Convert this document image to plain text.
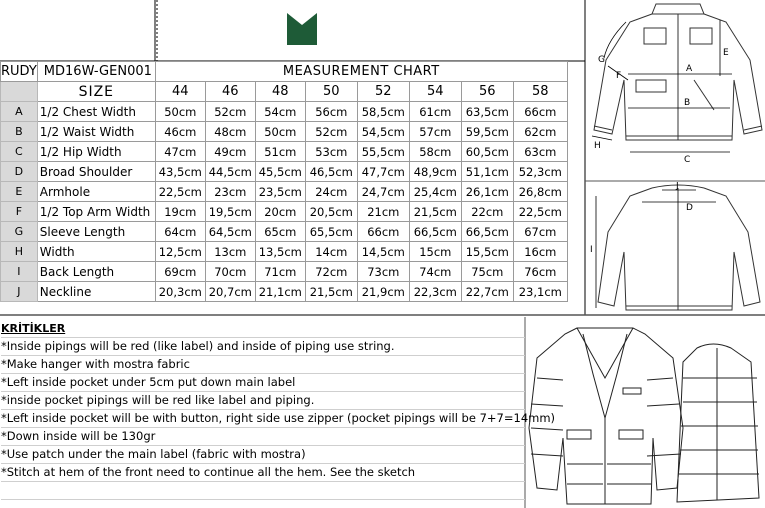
RUDY	MD16W-GEN001	MEASUREMENT CHART							
	SIZE	44	46	48	50	52	54	56	58
A	1/2 Chest Width	50cm	52cm	54cm	56cm	58,5cm	61cm	63,5cm	66cm
B	1/2 Waist Width	46cm	48cm	50cm	52cm	54,5cm	57cm	59,5cm	62cm
C	1/2 Hip Width	47cm	49cm	51cm	53cm	55,5cm	58cm	60,5cm	63cm
D	Broad Shoulder	43,5cm	44,5cm	45,5cm	46,5cm	47,7cm	48,9cm	51,1cm	52,3cm
E	Armhole	22,5cm	23cm	23,5cm	24cm	24,7cm	25,4cm	26,1cm	26,8cm
F	1/2 Top Arm Width	19cm	19,5cm	20cm	20,5cm	21cm	21,5cm	22cm	22,5cm
G	Sleeve Length	64cm	64,5cm	65cm	65,5cm	66cm	66,5cm	66,5cm	67cm
H	Width	12,5cm	13cm	13,5cm	14cm	14,5cm	15cm	15,5cm	16cm
I	Back Length	69cm	70cm	71cm	72cm	73cm	74cm	75cm	76cm
J	Neckline	20,3cm	20,7cm	21,1cm	21,5cm	21,9cm	22,3cm	22,7cm	23,1cm
KRİTİKLER
*Inside pipings will be red (like label) and inside of piping use string.
*Make hanger with mostra fabric
*Left inside pocket under 5cm put down main label
*inside pocket pipings will be red like label and piping.
*Left inside pocket will be with button, right side use zipper (pocket pipings will be 7+7=14mm)
*Down inside will be 130gr
*Use patch under the main label (fabric with mostra)
*Stitch at hem of the front need to continue all the hem. See the sketch
A
B
C
E
F
G
H
J
D
I
